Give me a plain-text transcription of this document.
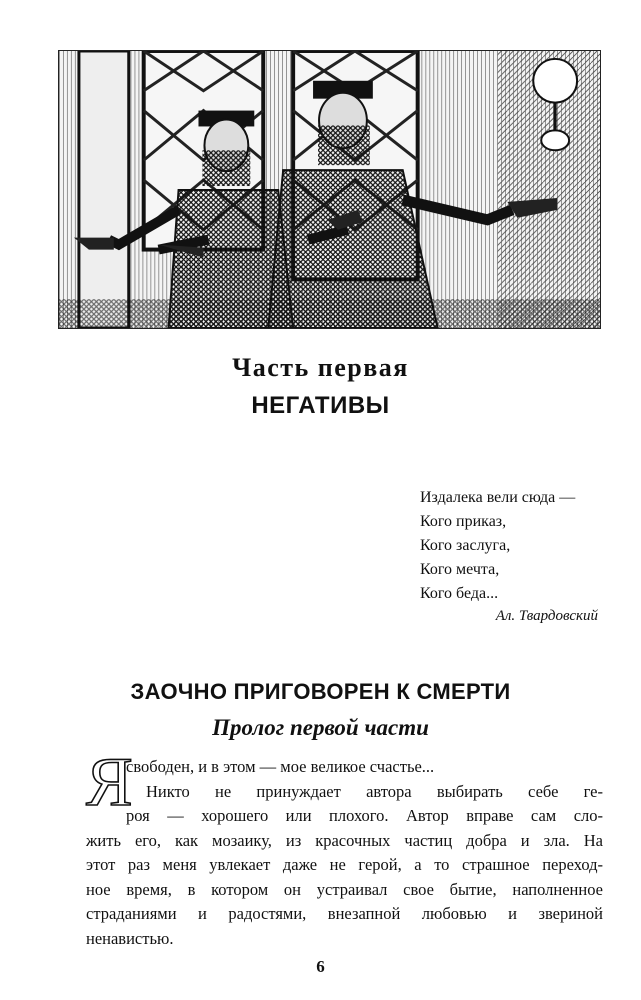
Часть первая
НЕГАТИВЫ
Издалека вели сюда —
Кого приказ,
Кого заслуга,
Кого мечта,
Кого беда...
Ал. Твардовский
ЗАОЧНО ПРИГОВОРЕН К СМЕРТИ
Пролог первой части
Я
свободен, и в этом — мое великое счастье...
Никто не принуждает автора выбирать себе ге-
роя — хорошего или плохого. Автор вправе сам сло-
жить его, как мозаику, из красочных частиц добра и зла. На
этот раз меня увлекает даже не герой, а то страшное переход-
ное время, в котором он устраивал свое бытие, наполненное
страданиями и радостями, внезапной любовью и звериной
ненавистью.
6
